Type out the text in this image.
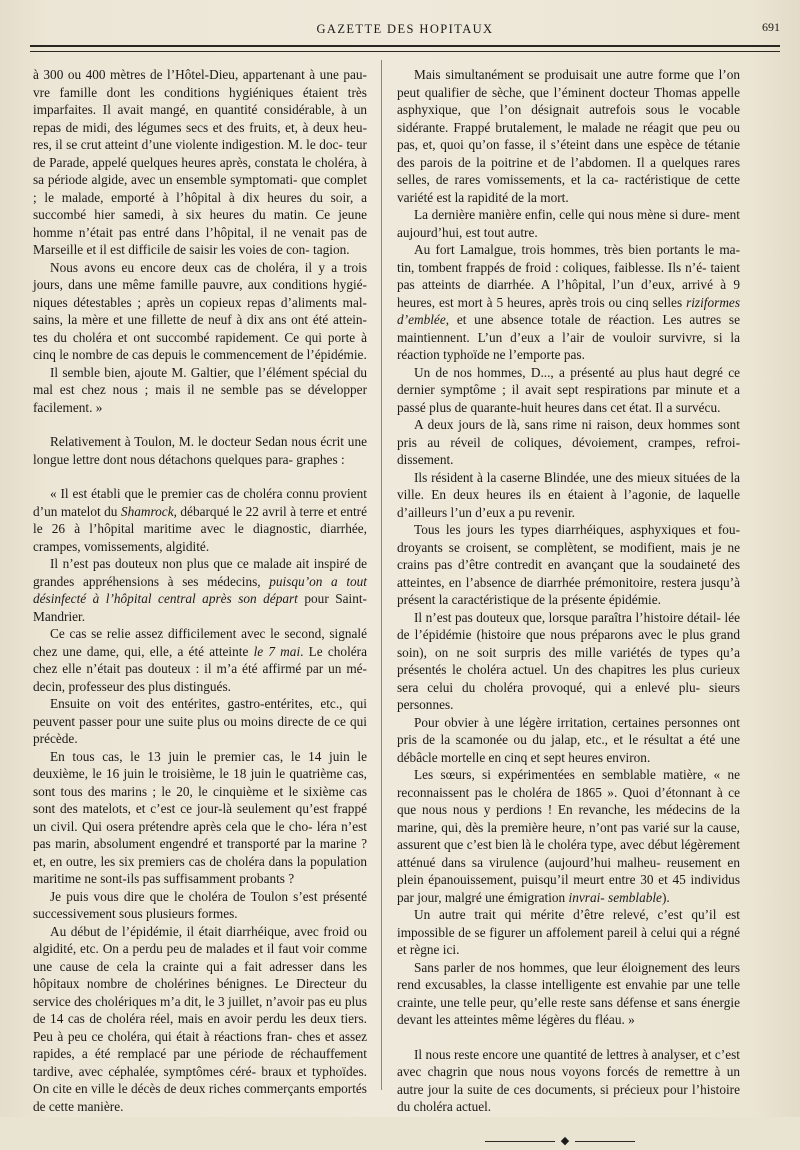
GAZETTE DES HOPITAUX	691

à 300 ou 400 mètres de l’Hôtel-Dieu, appartenant à une pau- vre famille dont les conditions hygiéniques étaient très imparfaites. Il avait mangé, en quantité considérable, à un repas de midi, des légumes secs et des fruits, et, à deux heu- res, il se crut atteint d’une violente indigestion. M. le doc- teur de Parade, appelé quelques heures après, constata le choléra, à sa période algide, avec un ensemble symptomati- que complet ; le malade, emporté à l’hôpital à dix heures du soir, a succombé hier samedi, à six heures du matin. Ce jeune homme n’était pas entré dans l’hôpital, il ne venait pas de Marseille et il est difficile de saisir les voies de con- tagion.

Nous avons eu encore deux cas de choléra, il y a trois jours, dans une même famille pauvre, aux conditions hygié- niques détestables ; après un copieux repas d’aliments mal- sains, la mère et une fillette de neuf à dix ans ont été attein- tes du choléra et ont succombé rapidement. Ce qui porte à cinq le nombre de cas depuis le commencement de l’épidémie.

Il semble bien, ajoute M. Galtier, que l’élément spécial du mal est chez nous ; mais il ne semble pas se développer facilement. »

Relativement à Toulon, M. le docteur Sedan nous écrit une longue lettre dont nous détachons quelques para- graphes :

« Il est établi que le premier cas de choléra connu provient d’un matelot du Shamrock, débarqué le 22 avril à terre et entré le 26 à l’hôpital maritime avec le diagnostic, diarrhée, crampes, vomissements, algidité.

Il n’est pas douteux non plus que ce malade ait inspiré de grandes appréhensions à ses médecins, puisqu’on a tout désinfecté à l’hôpital central après son départ pour Saint- Mandrier.

Ce cas se relie assez difficilement avec le second, signalé chez une dame, qui, elle, a été atteinte le 7 mai. Le choléra chez elle n’était pas douteux : il m’a été affirmé par un mé- decin, professeur des plus distingués.

Ensuite on voit des entérites, gastro-entérites, etc., qui peuvent passer pour une suite plus ou moins directe de ce qui précède.

En tous cas, le 13 juin le premier cas, le 14 juin le deuxième, le 16 juin le troisième, le 18 juin le quatrième cas, sont tous des marins ; le 20, le cinquième et le sixième cas sont des matelots, et c’est ce jour-là seulement qu’est frappé un civil. Qui osera prétendre après cela que le cho- léra n’est pas marin, absolument engendré et transporté par la marine ? et, en outre, les six premiers cas de choléra dans la population maritime ne sont-ils pas suffisamment probants ?

Je puis vous dire que le choléra de Toulon s’est présenté successivement sous plusieurs formes.

Au début de l’épidémie, il était diarrhéique, avec froid ou algidité, etc. On a perdu peu de malades et il faut voir comme une cause de cela la crainte qui a fait adresser dans les hôpitaux nombre de cholérines bénignes. Le Directeur du service des cholériques m’a dit, le 3 juillet, n’avoir pas eu plus de 14 cas de choléra réel, mais en avoir perdu les deux tiers. Peu à peu ce choléra, qui était à réactions fran- ches et assez rapides, a été remplacé par une période de réchauffement tardive, avec céphalée, symptômes céré- braux et typhoïdes. On cite en ville le décès de deux riches commerçants emportés de cette manière.

Mais simultanément se produisait une autre forme que l’on peut qualifier de sèche, que l’éminent docteur Thomas appelle asphyxique, que l’on désignait autrefois sous le vocable sidérante. Frappé brutalement, le malade ne réagit que peu ou pas, et, quoi qu’on fasse, il s’éteint dans une espèce de tétanie des parois de la poitrine et de l’abdomen. Il a quelques rares selles, de rares vomissements, et la ca- ractéristique de cette variété est la rapidité de la mort.

La dernière manière enfin, celle qui nous mène si dure- ment aujourd’hui, est tout autre.

Au fort Lamalgue, trois hommes, très bien portants le ma- tin, tombent frappés de froid : coliques, faiblesse. Ils n’é- taient pas atteints de diarrhée. A l’hôpital, l’un d’eux, arrivé à 9 heures, est mort à 5 heures, après trois ou cinq selles riziformes d’emblée, et une absence totale de réaction. Les autres se maintiennent. L’un d’eux a l’air de vouloir survivre, si la réaction typhoïde ne l’emporte pas.

Un de nos hommes, D..., a présenté au plus haut degré ce dernier symptôme ; il avait sept respirations par minute et a passé plus de quarante-huit heures dans cet état. Il a survécu.

A deux jours de là, sans rime ni raison, deux hommes sont pris au réveil de coliques, dévoiement, crampes, refroi- dissement.

Ils résident à la caserne Blindée, une des mieux situées de la ville. En deux heures ils en étaient à l’agonie, de laquelle d’ailleurs l’un d’eux a pu revenir.

Tous les jours les types diarrhéiques, asphyxiques et fou- droyants se croisent, se complètent, se modifient, mais je ne crains pas d’être contredit en avançant que la soudaineté des atteintes, en l’absence de diarrhée prémonitoire, restera jusqu’à présent la caractéristique de la présente épidémie.

Il n’est pas douteux que, lorsque paraîtra l’histoire détail- lée de l’épidémie (histoire que nous préparons avec le plus grand soin), on ne soit surpris des mille variétés de types qu’a présentés le choléra actuel. Un des chapitres les plus curieux sera celui du choléra provoqué, qui a enlevé plu- sieurs personnes.

Pour obvier à une légère irritation, certaines personnes ont pris de la scamonée ou du jalap, etc., et le résultat a été une débâcle mortelle en cinq et sept heures environ.

Les sœurs, si expérimentées en semblable matière, « ne reconnaissent pas le choléra de 1865 ». Quoi d’étonnant à ce que nous nous y perdions ! En revanche, les médecins de la marine, qui, dès la première heure, n’ont pas varié sur la cause, assurent que c’est bien là le choléra type, avec début légèrement atténué dans sa virulence (aujourd’hui malheu- reusement en plein épanouissement, puisqu’il meurt entre 30 et 45 individus par jour, malgré une émigration invrai- semblable).

Un autre trait qui mérite d’être relevé, c’est qu’il est impossible de se figurer un affolement pareil à celui qui a régné et règne ici.

Sans parler de nos hommes, que leur éloignement des leurs rend excusables, la classe intelligente est envahie par une telle crainte, une telle peur, qu’elle reste sans défense et sans énergie devant les atteintes même légères du fléau. »

Il nous reste encore une quantité de lettres à analyser, et c’est avec chagrin que nous nous voyons forcés de remettre à un autre jour la suite de ces documents, si précieux pour l’histoire du choléra actuel.

◆
